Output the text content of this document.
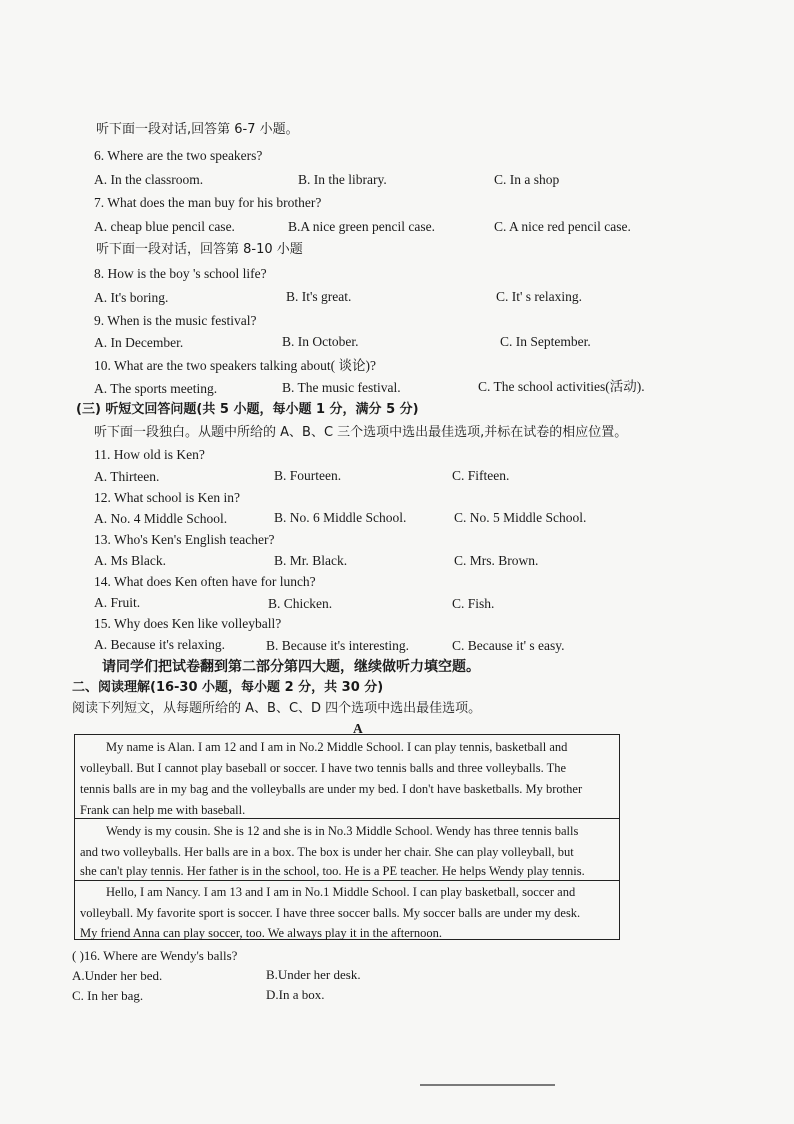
听下面一段对话,回答第 6-7 小题。
6. Where are the two speakers?
A. In the classroom.	B. In the library.	C. In a shop
7. What does the man buy for his brother?
A. cheap blue pencil case.	B.A nice green pencil case.	C. A nice red pencil case.
听下面一段对话，回答第 8-10 小题
8. How is the boy 's school life?
A. It's boring.	B. It's great.	C. It' s relaxing.
9. When is the music festival?
A. In December.	B. In October.	C. In September.
10. What are the two speakers talking about( 谈论)?
A. The sports meeting.	B. The music festival.	C. The school activities(活动).
(三) 听短文回答问题(共 5 小题，每小题 1 分，满分 5 分)
听下面一段独白。从题中所给的 A、B、C 三个选项中选出最佳选项,并标在试卷的相应位置。
11. How old is Ken?
A. Thirteen.	B. Fourteen.	C. Fifteen.
12. What school is Ken in?
A. No. 4 Middle School.	B. No. 6 Middle School.	C. No. 5 Middle School.
13. Who's Ken's English teacher?
A. Ms Black.	B. Mr. Black.	C. Mrs. Brown.
14. What does Ken often have for lunch?
A. Fruit.	B. Chicken.	C. Fish.
15. Why does Ken like volleyball?
A. Because it's relaxing.	B. Because it's interesting.	C. Because it' s easy.
请同学们把试卷翻到第二部分第四大题，继续做听力填空题。
二、阅读理解(16-30 小题，每小题 2 分，共 30 分)
阅读下列短文，从每题所给的 A、B、C、D 四个选项中选出最佳选项。
A
My name is Alan. I am 12 and I am in No.2 Middle School. I can play tennis, basketball and
volleyball. But I cannot play baseball or soccer. I have two tennis balls and three volleyballs. The
tennis balls are in my bag and the volleyballs are under my bed. I don't have basketballs. My brother
Frank can help me with baseball.
Wendy is my cousin. She is 12 and she is in No.3 Middle School. Wendy has three tennis balls
and two volleyballs. Her balls are in a box. The box is under her chair. She can play volleyball, but
she can't play tennis. Her father is in the school, too. He is a PE teacher. He helps Wendy play tennis.
Hello, I am Nancy. I am 13 and I am in No.1 Middle School. I can play basketball, soccer and
volleyball. My favorite sport is soccer. I have three soccer balls. My soccer balls are under my desk.
My friend Anna can play soccer, too. We always play it in the afternoon.
( )16. Where are Wendy's balls?
A.Under her bed.	B.Under her desk.
C. In her bag.	D.In a box.
